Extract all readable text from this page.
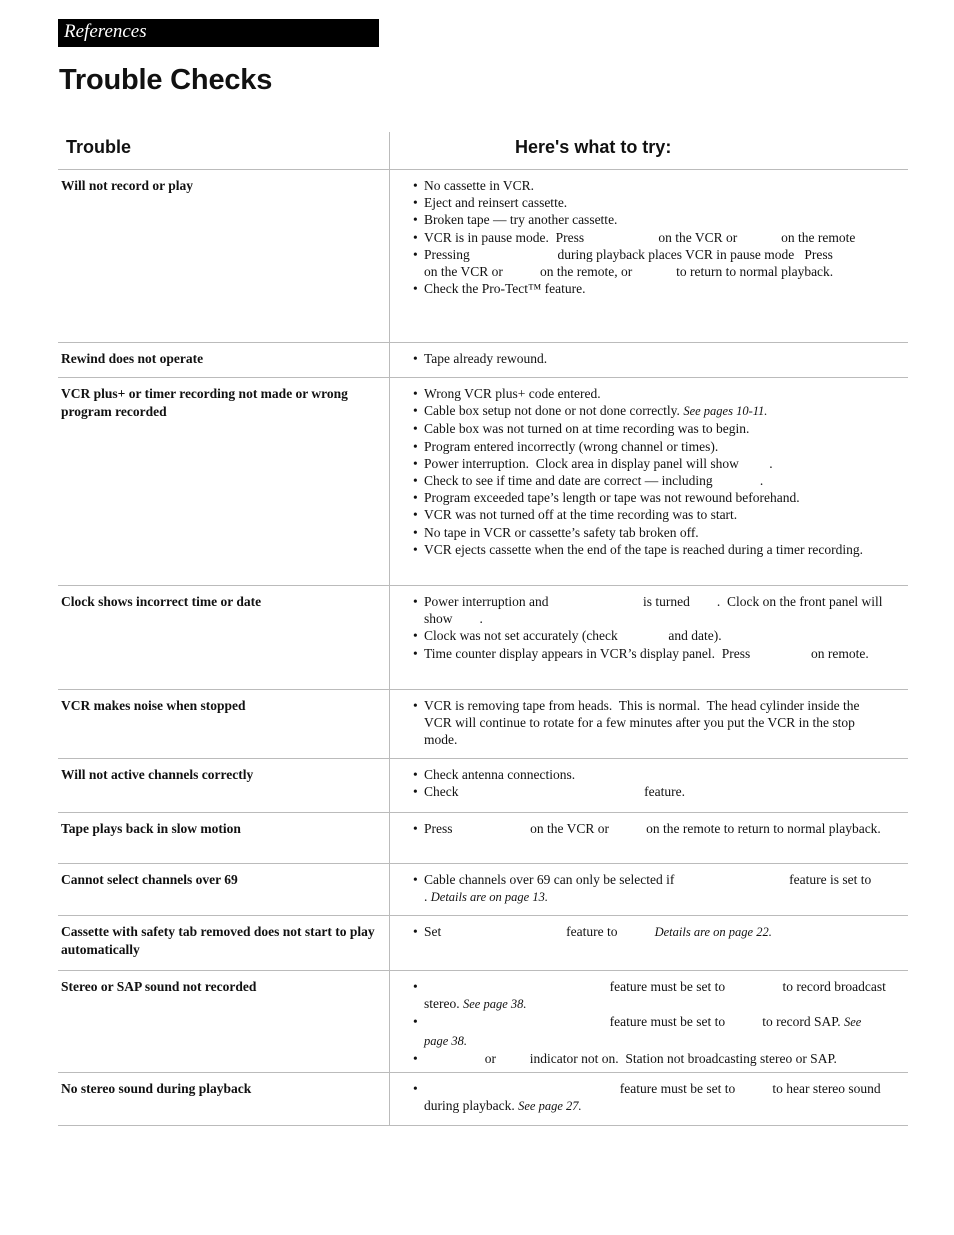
References
Trouble Checks
Trouble	Here's what to try:
Will not record or play	• No cassette in VCR.
• Eject and reinsert cassette.
• Broken tape — try another cassette.
• VCR is in pause mode.  Press                      on the VCR or             on the remote
• Pressing                          during playback places VCR in pause mode   Press                   on the VCR or           on the remote, or             to return to normal playback.
• Check the Pro-Tect™ feature.
Rewind does not operate	• Tape already rewound.
VCR plus+ or timer recording not made or wrong program recorded
• Wrong VCR plus+ code entered.
• Cable box setup not done or not done correctly. See pages 10-11.
• Cable box was not turned on at time recording was to begin.
• Program entered incorrectly (wrong channel or times).
• Power interruption.  Clock area in display panel will show         .
• Check to see if time and date are correct — including              .
• Program exceeded tape’s length or tape was not rewound beforehand.
• VCR was not turned off at the time recording was to start.
• No tape in VCR or cassette’s safety tab broken off.
• VCR ejects cassette when the end of the tape is reached during a timer recording.
Clock shows incorrect time or date	• Power interruption and                            is turned        .  Clock on the front panel will show        .
• Clock was not set accurately (check               and date).
• Time counter display appears in VCR’s display panel.  Press                  on remote.
VCR makes noise when stopped	• VCR is removing tape from heads.  This is normal.  The head cylinder inside the VCR will continue to rotate for a few minutes after you put the VCR in the stop mode.
Will not active channels correctly	• Check antenna connections.
• Check                                                       feature.
Tape plays back in slow motion	• Press                       on the VCR or           on the remote to return to normal playback.
Cannot select channels over 69	• Cable channels over 69 can only be selected if                                  feature is set to             . Details are on page 13.
Cassette with safety tab removed does not start to play automatically
• Set                                     feature to           Details are on page 22.
Stereo or SAP sound not recorded	•                                                        feature must be set to                 to record broadcast stereo. See page 38.
•                                                        feature must be set to           to record SAP. See page 38.
•                   or          indicator not on.  Station not broadcasting stereo or SAP.
No stereo sound during playback	•                                                           feature must be set to           to hear stereo sound during playback. See page 27.
